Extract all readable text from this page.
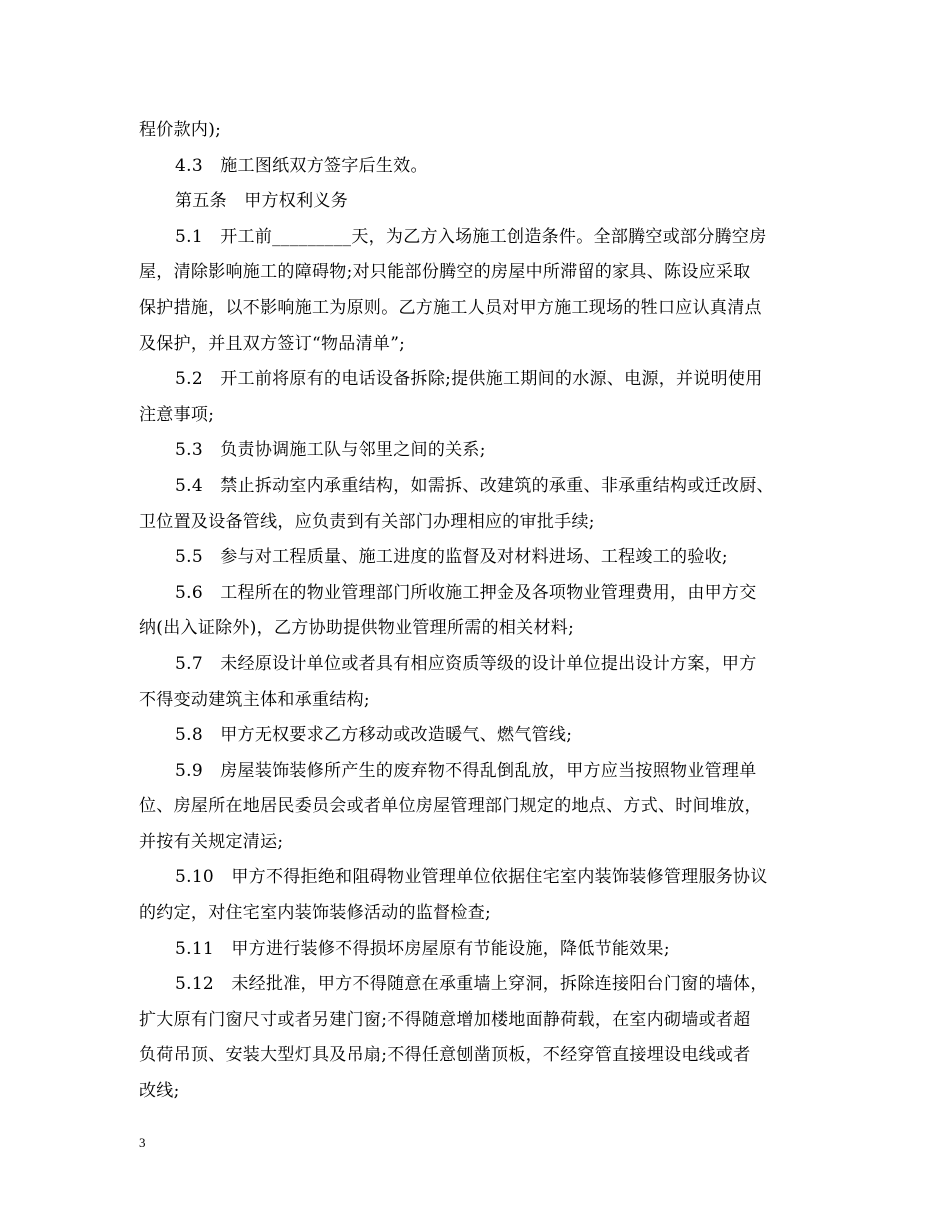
程价款内);
4.3　施工图纸双方签字后生效。
第五条　甲方权利义务
5.1　开工前_________天，为乙方入场施工创造条件。全部腾空或部分腾空房
屋，清除影响施工的障碍物;对只能部份腾空的房屋中所滞留的家具、陈设应采取
保护措施，以不影响施工为原则。乙方施工人员对甲方施工现场的牲口应认真清点
及保护，并且双方签订“物品清单”;
5.2　开工前将原有的电话设备拆除;提供施工期间的水源、电源，并说明使用
注意事项;
5.3　负责协调施工队与邻里之间的关系;
5.4　禁止拆动室内承重结构，如需拆、改建筑的承重、非承重结构或迁改厨、
卫位置及设备管线，应负责到有关部门办理相应的审批手续;
5.5　参与对工程质量、施工进度的监督及对材料进场、工程竣工的验收;
5.6　工程所在的物业管理部门所收施工押金及各项物业管理费用，由甲方交
纳(出入证除外)，乙方协助提供物业管理所需的相关材料;
5.7　未经原设计单位或者具有相应资质等级的设计单位提出设计方案，甲方
不得变动建筑主体和承重结构;
5.8　甲方无权要求乙方移动或改造暖气、燃气管线;
5.9　房屋装饰装修所产生的废弃物不得乱倒乱放，甲方应当按照物业管理单
位、房屋所在地居民委员会或者单位房屋管理部门规定的地点、方式、时间堆放，
并按有关规定清运;
5.10　甲方不得拒绝和阻碍物业管理单位依据住宅室内装饰装修管理服务协议
的约定，对住宅室内装饰装修活动的监督检查;
5.11　甲方进行装修不得损坏房屋原有节能设施，降低节能效果;
5.12　未经批准，甲方不得随意在承重墙上穿洞，拆除连接阳台门窗的墙体，
扩大原有门窗尺寸或者另建门窗;不得随意增加楼地面静荷载，在室内砌墙或者超
负荷吊顶、安装大型灯具及吊扇;不得任意刨凿顶板，不经穿管直接埋设电线或者
改线;
3
